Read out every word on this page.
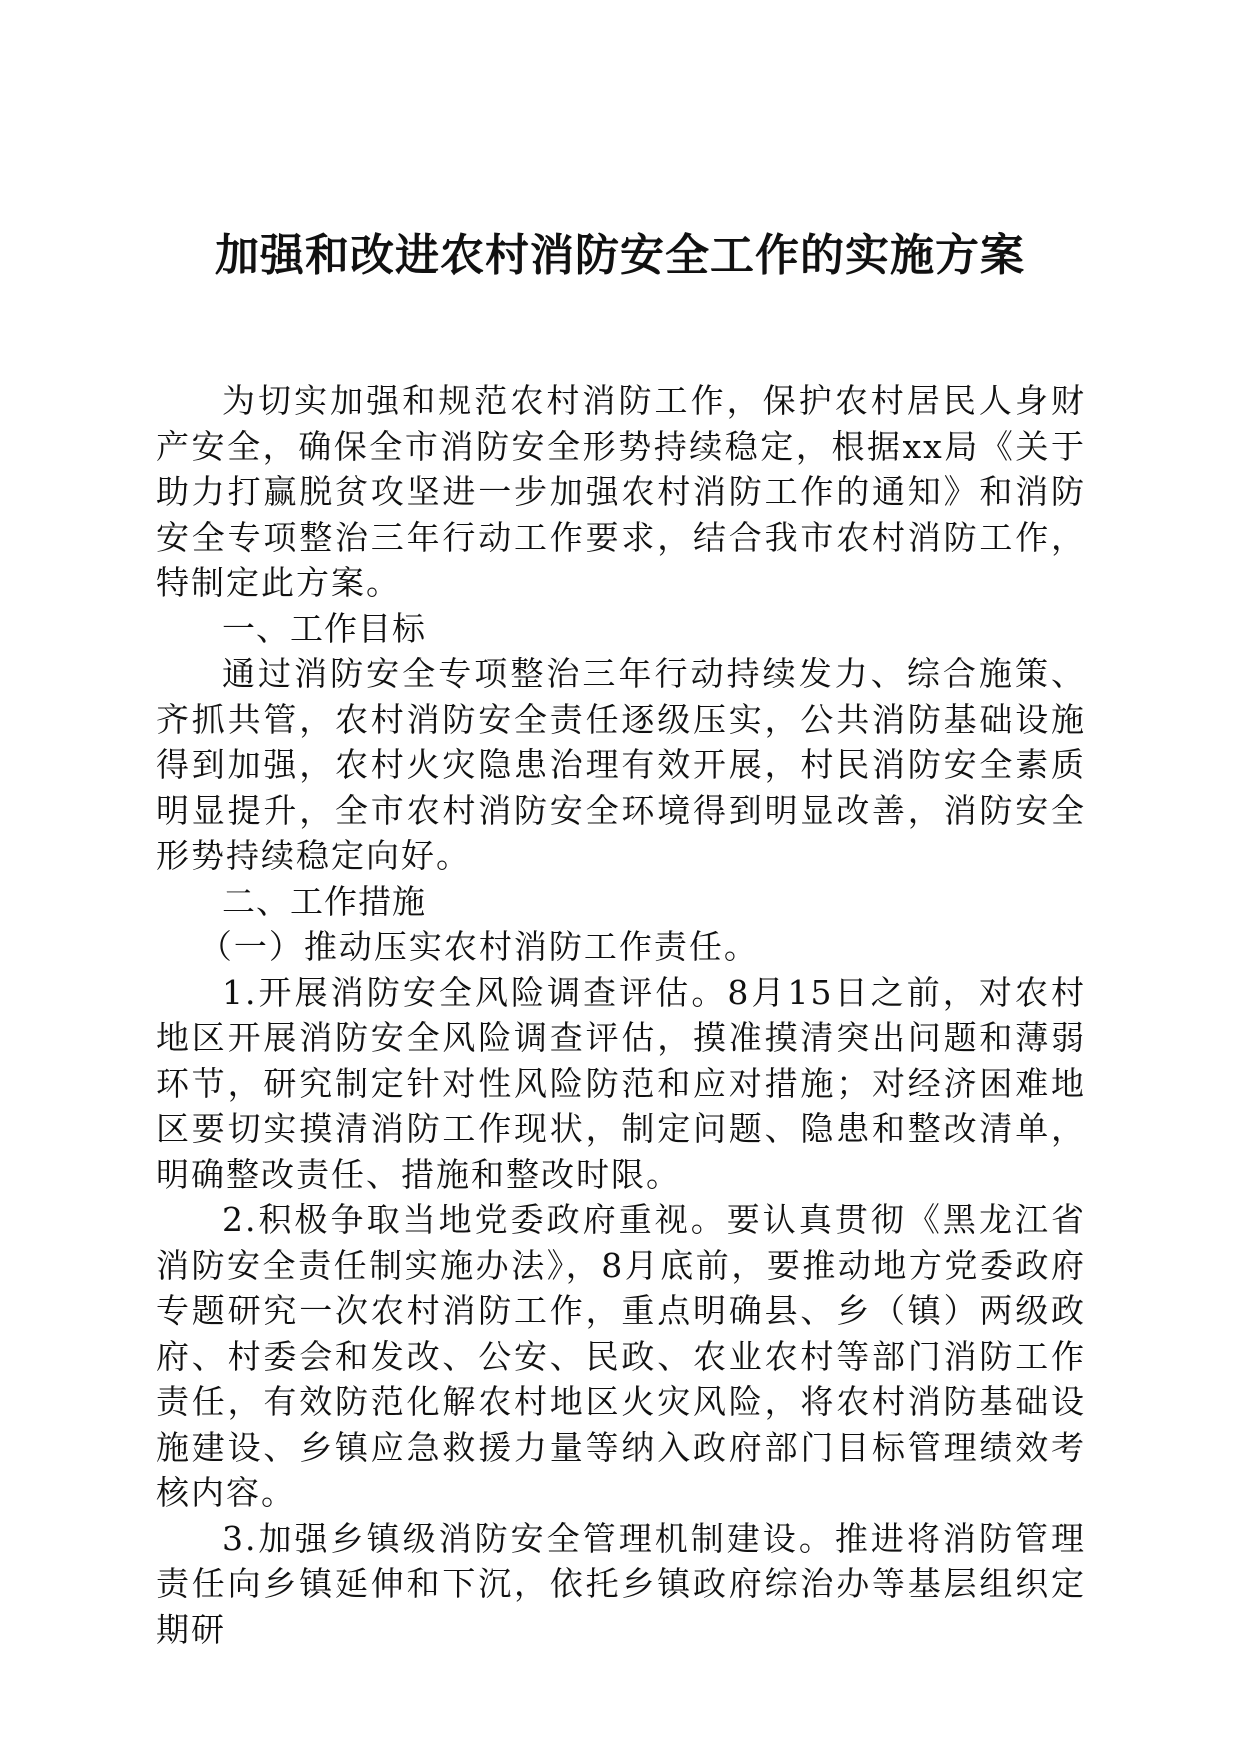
加强和改进农村消防安全工作的实施方案

为切实加强和规范农村消防工作，保护农村居民人身财产安全，确保全市消防安全形势持续稳定，根据xx局《关于助力打赢脱贫攻坚进一步加强农村消防工作的通知》和消防安全专项整治三年行动工作要求，结合我市农村消防工作，特制定此方案。

一、工作目标

通过消防安全专项整治三年行动持续发力、综合施策、齐抓共管，农村消防安全责任逐级压实，公共消防基础设施得到加强，农村火灾隐患治理有效开展，村民消防安全素质明显提升，全市农村消防安全环境得到明显改善，消防安全形势持续稳定向好。

二、工作措施

（一）推动压实农村消防工作责任。

1.开展消防安全风险调查评估。8月15日之前，对农村地区开展消防安全风险调查评估，摸准摸清突出问题和薄弱环节，研究制定针对性风险防范和应对措施；对经济困难地区要切实摸清消防工作现状，制定问题、隐患和整改清单，明确整改责任、措施和整改时限。

2.积极争取当地党委政府重视。要认真贯彻《黑龙江省消防安全责任制实施办法》，8月底前，要推动地方党委政府专题研究一次农村消防工作，重点明确县、乡（镇）两级政府、村委会和发改、公安、民政、农业农村等部门消防工作责任，有效防范化解农村地区火灾风险，将农村消防基础设施建设、乡镇应急救援力量等纳入政府部门目标管理绩效考核内容。

3.加强乡镇级消防安全管理机制建设。推进将消防管理责任向乡镇延伸和下沉，依托乡镇政府综治办等基层组织定期研
